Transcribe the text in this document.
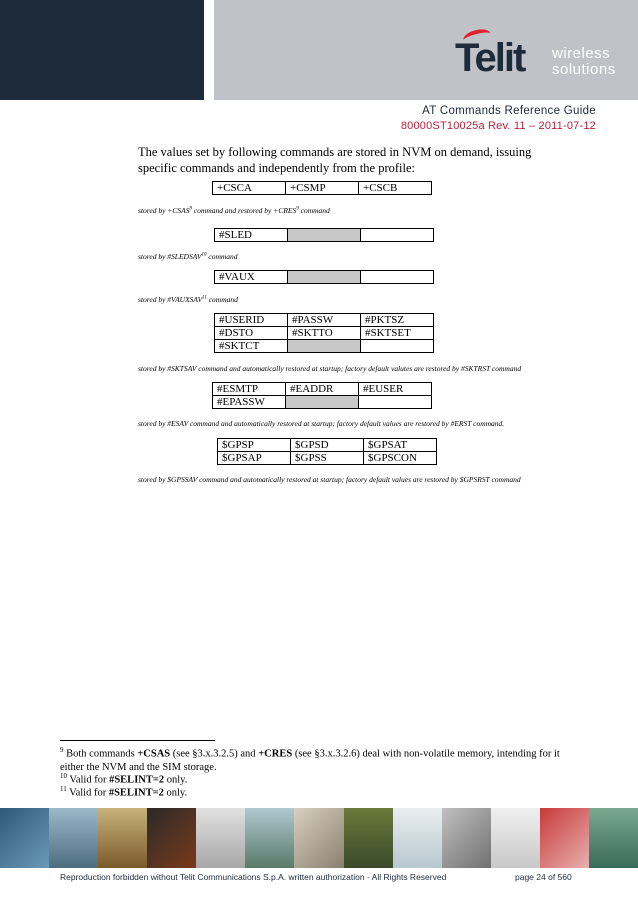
Telit wireless
solutions
AT Commands Reference Guide
80000ST10025a Rev. 11 – 2011-07-12
The values set by following commands are stored in NVM on demand, issuing specific commands and independently from the profile:
+CSCA	+CSMP	+CSCB
stored by $+CSAS^9$ command and restored by $+CRES^9$ command
#SLED		
stored by #SLEDSAV$^{10}$ command
#VAUX		
stored by #VAUXSAV$^{11}$ command
#USERID	#PASSW	#PKTSZ
#DSTO	#SKTTO	#SKTSET
#SKTCT		
stored by #SKTSAV command and automatically restored at startup; factory default valutes are restored by #SKTRST command
#ESMTP	#EADDR	#EUSER
#EPASSW		
stored by #ESAV command and automatically restored at startup; factory default values are restored by #ERST command.
$GPSP	$GPSD	$GPSAT
$GPSAP	$GPSS	$GPSCON
stored by $GPSSAV command and automatically restored at startup; factory default values are restored by $GPSRST command
$^9$ Both commands +CSAS (see §3.x.3.2.5) and +CRES (see §3.x.3.2.6) deal with non-volatile memory, intending for it either the NVM and the SIM storage.
$^{10}$ Valid for #SELINT=2 only.
$^{11}$ Valid for #SELINT=2 only.
Reproduction forbidden without Telit Communications S.p.A. written authorization - All Rights Reserved	page 24 of 560
